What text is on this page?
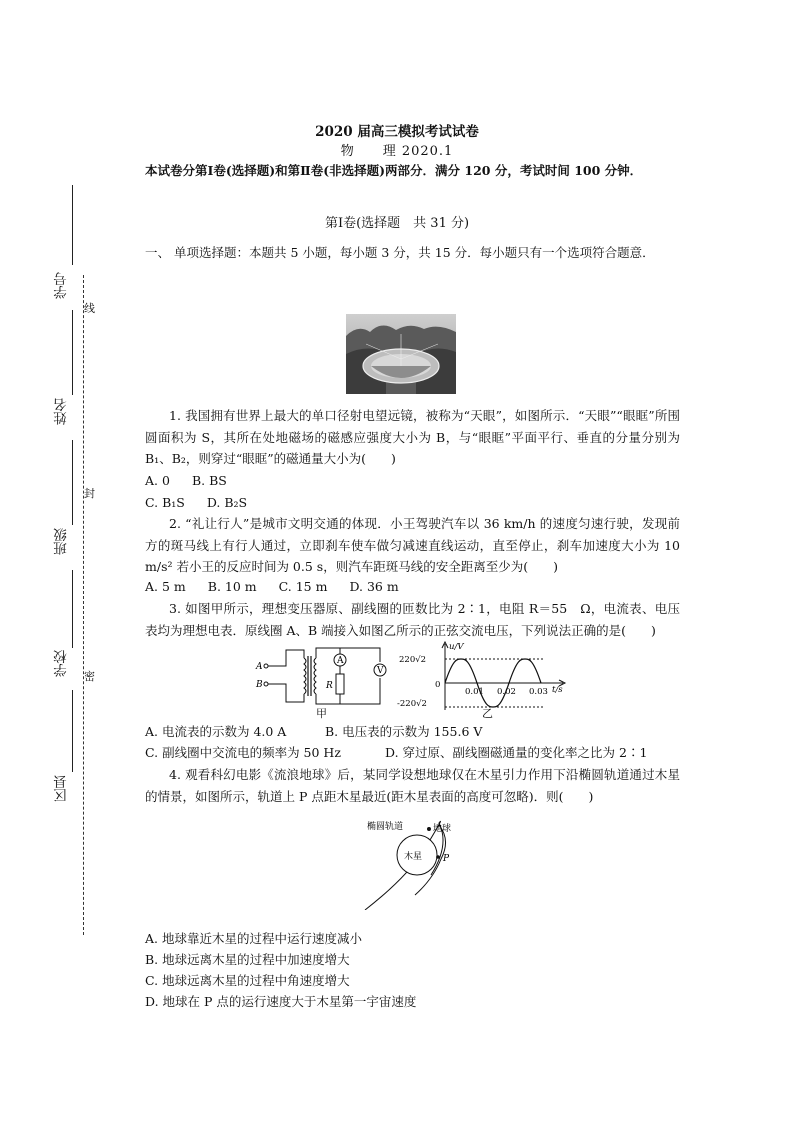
学号
姓名
班级
学校
区县
线
封
密
2020 届高三模拟考试试卷
物　　理 2020.1
本试卷分第Ⅰ卷(选择题)和第Ⅱ卷(非选择题)两部分．满分 120 分，考试时间 100 分钟．
第Ⅰ卷(选择题　共 31 分)
一、 单项选择题：本题共 5 小题，每小题 3 分，共 15 分．每小题只有一个选项符合题意．
1. 我国拥有世界上最大的单口径射电望远镜，被称为“天眼”，如图所示．“天眼”“眼眶”所围圆面积为 S，其所在处地磁场的磁感应强度大小为 B，与“眼眶”平面平行、垂直的分量分别为 B₁、B₂，则穿过“眼眶”的磁通量大小为(　　)
A. 0 B. BS
C. B₁S D. B₂S
2. “礼让行人”是城市文明交通的体现．小王驾驶汽车以 36 km/h 的速度匀速行驶，发现前方的斑马线上有行人通过，立即刹车使车做匀减速直线运动，直至停止，刹车加速度大小为 10 m/s² 若小王的反应时间为 0.5 s，则汽车距斑马线的安全距离至少为(　　)
A. 5 m B. 10 m C. 15 m D. 36 m
3. 如图甲所示，理想变压器原、副线圈的匝数比为 2∶1，电阻 R＝55　Ω，电流表、电压表均为理想电表．原线圈 A、B 端接入如图乙所示的正弦交流电压，下列说法正确的是(　　)
A
B
A
R
V
甲
u/V
t/s
220√2
-220√2
0
0.01 0.02 0.03
乙
A. 电流表的示数为 4.0 A	B. 电压表的示数为 155.6 V
C. 副线圈中交流电的频率为 50 Hz	D. 穿过原、副线圈磁通量的变化率之比为 2∶1
4. 观看科幻电影《流浪地球》后，某同学设想地球仅在木星引力作用下沿椭圆轨道通过木星的情景，如图所示，轨道上 P 点距木星最近(距木星表面的高度可忽略)．则(　　)
木星
地球
椭圆轨道
P
A. 地球靠近木星的过程中运行速度减小
B. 地球远离木星的过程中加速度增大
C. 地球远离木星的过程中角速度增大
D. 地球在 P 点的运行速度大于木星第一宇宙速度
